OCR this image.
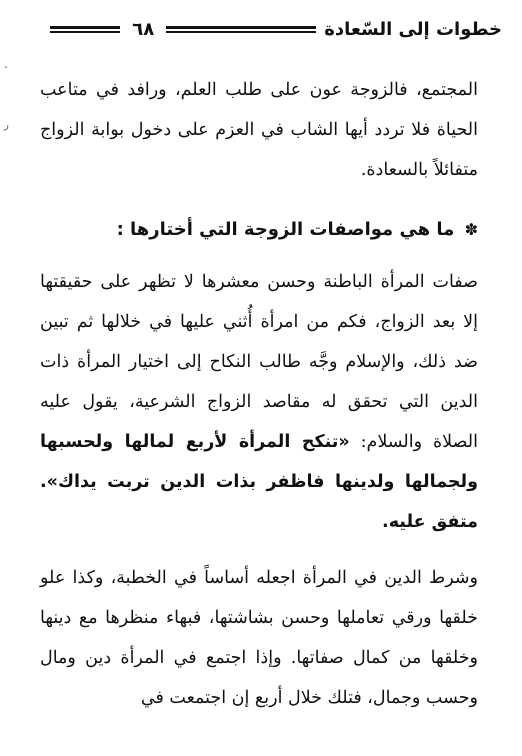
خطوات إلى السّعادة
٦٨
-
ر

المجتمع، فالزوجة عون على طلب العلم، ورافد في متاعب الحياة فلا تردد أيها الشاب في العزم على دخول بوابة الزواج متفائلاً بالسعادة.

✽ ما هي مواصفات الزوجة التي أختارها :

صفات المرأة الباطنة وحسن معشرها لا تظهر على حقيقتها إلا بعد الزواج، فكم من امرأة أُثني عليها في خلالها ثم تبين ضد ذلك، والإسلام وجَّه طالب النكاح إلى اختيار المرأة ذات الدين التي تحقق له مقاصد الزواج الشرعية، يقول عليه الصلاة والسلام: «تنكح المرأة لأربع لمالها ولحسبها ولجمالها ولدينها فاظفر بذات الدين تربت يداك». متفق عليه.

وشرط الدين في المرأة اجعله أساساً في الخطبة، وكذا علو خلقها ورقي تعاملها وحسن بشاشتها، فبهاء منظرها مع دينها وخلقها من كمال صفاتها. وإذا اجتمع في المرأة دين ومال وحسب وجمال، فتلك خلال أربع إن اجتمعت في
